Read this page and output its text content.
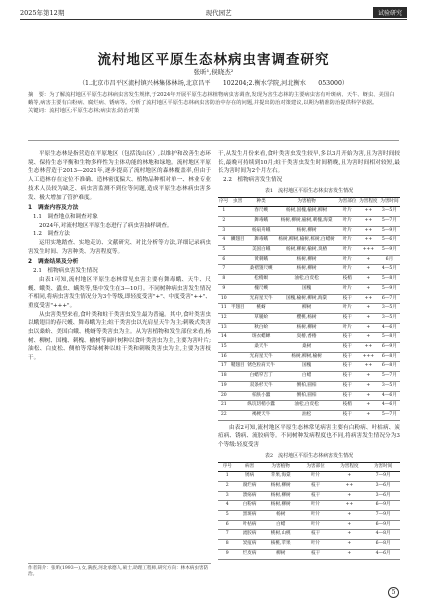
2025年第12期	现代园艺	试验研究
流村地区平原生态林病虫害调查研究
张昕¹,侯晓杰²
（1.北京市昌平区流村镇兴林集体林场,北京昌平　　102204;2.衡水学院,河北衡水　　053000）
摘　要：为了解流村地区平原生态林病虫害发生规律,于2024年开展平原生态林植物病虫害调查,发现为害生态林的主要病虫害有叶斑病、天牛、蚜虫、美国白蛾等,病害主要有白粉病、腐烂病、锈病等。分析了流村地区平原生态林病虫害防治中存在的问题,并提出防治对策建议,以期为精准防治提供科学依据。
关键词：流村地区;平原生态林;病虫害;防治对策

平原生态林是指营造在平原地区（包括浅山区）,以维护和改善生态环境、保持生态平衡和生物多样性为主体功能的林地和绿地。流村地区平原生态林营造于2013—2021年,逐步提高了流村地区的森林覆盖率,但由于人工造林存在定位不准确、造林密度偏大、植物品种相对单一、林业专业技术人员较为缺乏、病虫害监测不到位等问题,造成平原生态林病虫害多发、极大增加了管护难度。

1　调查内容及方法
1.1　调查地点和调查对象

2024年,对流村地区平原生态进行了病虫害抽样调查。

1.2　调查方法

运用实地踏查、实地走访、文献研究、对比分析等方法,详细记录病虫害发生时间、为害种类、为害程度等。

2　调查结果及分析
2.1　植物病虫害发生情况

由表1可知,流村地区平原生态林常见虫害主要有舞毒蛾、天牛、尺蠖、蛾类、蠹虫、螨类等,集中发生在3—10月。不同树种病虫害发生情况不相同,将病虫害发生情况分为3个等级,即轻度受害"+"、中度受害"++"、重度受害"+++"。

从虫害类型来看,食叶类和蛀干类害虫发生最为普遍。其中,食叶类害虫以蛾翅目的春尺蠖、舞毒蛾为主;蛀干类害虫以光肩星天牛为主;刺吸式类害虫以桑蚧、美国白蛾、桃蚜等类害虫为主。从为害植物和发生部位来看,杨树、柳树、国槐、刺槐、榆树等阔叶树种以食叶类害虫为主,主要为害叶片;油松、白皮松、侧柏等常绿树种以蛀干类和刺吸类害虫为主,主要为害枝干。

作者简介：张昕(1993—),女,满族,河北承德人,硕士,助理工程师,研究方向：林木病虫害防治。

干,从发生月份来看,食叶类害虫发生较早,多以3月开始为害,且为害时间较长,最晚可持续到10月;蛀干类害虫发生时间稍晚,且为害时间相对较短,最长为害时间为2个月左右。

2.2　植物病害发生情况
表1　流村地区平原生态林虫害发生情况
序号	虫害	种类	为害植物	为害部位	为害程度	为害时间
1		春尺蠖	杨树,国槐,榆树,柳树	叶片	++	3—5月
2		舞毒蛾	杨树,柳树,榆树,刺槐,海棠	叶片	++	5—7月
3		杨扇舟蛾	杨树,柳树	叶片	++	5—9月
4	鳞翅目	舞毒蛾	杨树,柳树,榆树,栎树,白蜡树	叶片	++	5—6月
5		美国白蛾	杨树,柳树,榆树,臭椿	叶片	+++	5—9月
6		黄刺蛾	杨树,柳树	叶片	+	6月
7		桑褶翅尺蠖	杨树,柳树	叶片	+	4—5月
8		松梢螟	油松,白皮松	枝梢	+	5—8月
9		槐尺蠖	国槐	叶片	+	5—9月
10		光肩星天牛	国槐,榆树,柳树,海棠	枝干	++	6—7月
11	半翅目	桃蚜	柳树	叶片	+	3—5月
12		草履蚧	樱桃,杨树	枝干	+	3—5月
13		秋白蚧	杨树,柳树	叶片	+	4—6月
14		斑衣蜡蝉	臭椿,香椿	枝干	+	5—8月
15		桑天牛	桑树	枝干	++	6—9月
16		光肩星天牛	杨树,柳树,榆树	枝干	+++	6—8月
17	鞘翅目	锈色粒肩天牛	国槐	枝干	++	6—8月
18		白蜡窄吉丁	白蜡	枝干	+	5—7月
19		双条杉天牛	侧柏,圆柏	枝干	+	3—5月
20		柏肤小蠹	侧柏,圆柏	枝干	+	4—6月
21		纵坑切梢小蠹	油松,白皮松	枝梢	+	4—6月
22		褐梗天牛	油松	枝干	+	5—7月

由表2可知,流村地区平原生态林常见病害主要有白粉病、叶枯病、炭疽病、锈病、流胶病等。不同树种发病程度也不同,将病害发生情况分为3个等级:轻度受害

表2　流村地区平原生态林病害发生情况
序号	病害	为害植物	为害部位	为害程度	为害时间
1	锈病	苹果,海棠	叶片	+	7—9月
2	腐烂病	杨树,柳树	枝干	++	3—6月
3	溃疡病	杨树,柳树	枝干	+	3—6月
4	白粉病	杨树,柳树	叶片	++	6—9月
5	黑斑病	杨树	叶片	+	7—9月
6	叶枯病	白蜡	叶片	+	6—9月
7	流胶病	桃树,山桃	枝干	+	4—8月
8	炭疽病	核桃,苹果	叶片	+	6—8月
9	烂皮病	柳树	枝干	+	4—6月
5
